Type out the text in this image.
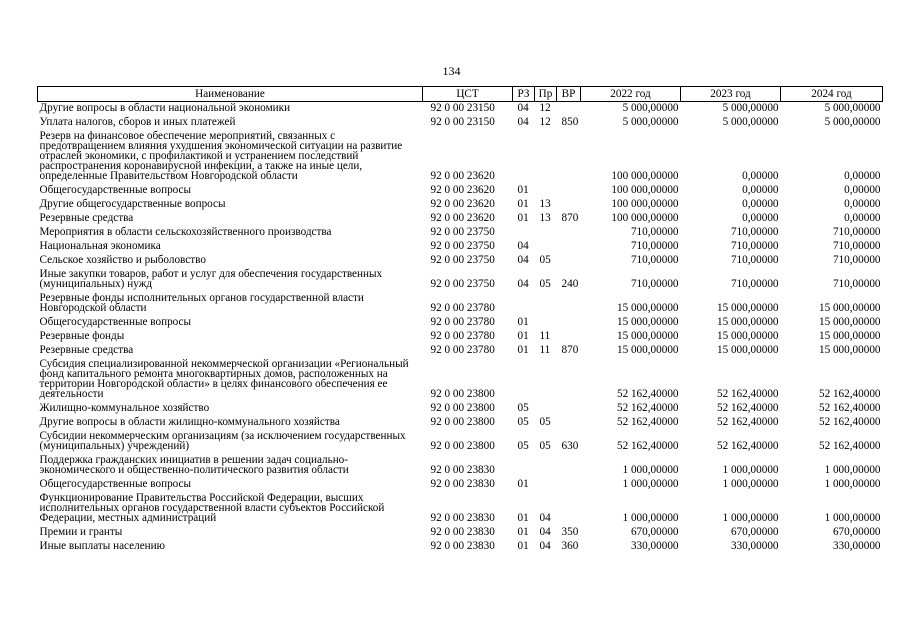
134
Наименование	ЦСТ	РЗ	Пр	ВР	2022 год	2023 год	2024 год
Другие вопросы в области национальной экономики	92 0 00 23150	04	12		5 000,00000	5 000,00000	5 000,00000
Уплата налогов, сборов и иных платежей	92 0 00 23150	04	12	850	5 000,00000	5 000,00000	5 000,00000
Резерв на финансовое обеспечение мероприятий, связанных с предотвращением влияния ухудшения экономической ситуации на развитие отраслей экономики, с профилактикой и устранением последствий распространения коронавирусной инфекции, а также на иные цели, определенные Правительством Новгородской области	92 0 00 23620				100 000,00000	0,00000	0,00000
Общегосударственные вопросы	92 0 00 23620	01			100 000,00000	0,00000	0,00000
Другие общегосударственные вопросы	92 0 00 23620	01	13		100 000,00000	0,00000	0,00000
Резервные средства	92 0 00 23620	01	13	870	100 000,00000	0,00000	0,00000
Мероприятия в области сельскохозяйственного производства	92 0 00 23750				710,00000	710,00000	710,00000
Национальная экономика	92 0 00 23750	04			710,00000	710,00000	710,00000
Сельское хозяйство и рыболовство	92 0 00 23750	04	05		710,00000	710,00000	710,00000
Иные закупки товаров, работ и услуг для обеспечения государственных (муниципальных) нужд	92 0 00 23750	04	05	240	710,00000	710,00000	710,00000
Резервные фонды исполнительных органов государственной власти Новгородской области	92 0 00 23780				15 000,00000	15 000,00000	15 000,00000
Общегосударственные вопросы	92 0 00 23780	01			15 000,00000	15 000,00000	15 000,00000
Резервные фонды	92 0 00 23780	01	11		15 000,00000	15 000,00000	15 000,00000
Резервные средства	92 0 00 23780	01	11	870	15 000,00000	15 000,00000	15 000,00000
Субсидия специализированной некоммерческой организации «Региональный фонд капитального ремонта многоквартирных домов, расположенных на территории Новгородской области» в целях финансового обеспечения ее деятельности	92 0 00 23800				52 162,40000	52 162,40000	52 162,40000
Жилищно-коммунальное хозяйство	92 0 00 23800	05			52 162,40000	52 162,40000	52 162,40000
Другие вопросы в области жилищно-коммунального хозяйства	92 0 00 23800	05	05		52 162,40000	52 162,40000	52 162,40000
Субсидии некоммерческим организациям (за исключением государственных (муниципальных) учреждений)	92 0 00 23800	05	05	630	52 162,40000	52 162,40000	52 162,40000
Поддержка гражданских инициатив в решении задач социально-экономического и общественно-политического развития области	92 0 00 23830				1 000,00000	1 000,00000	1 000,00000
Общегосударственные вопросы	92 0 00 23830	01			1 000,00000	1 000,00000	1 000,00000
Функционирование Правительства Российской Федерации, высших исполнительных органов государственной власти субъектов Российской Федерации, местных администраций	92 0 00 23830	01	04		1 000,00000	1 000,00000	1 000,00000
Премии и гранты	92 0 00 23830	01	04	350	670,00000	670,00000	670,00000
Иные выплаты населению	92 0 00 23830	01	04	360	330,00000	330,00000	330,00000
